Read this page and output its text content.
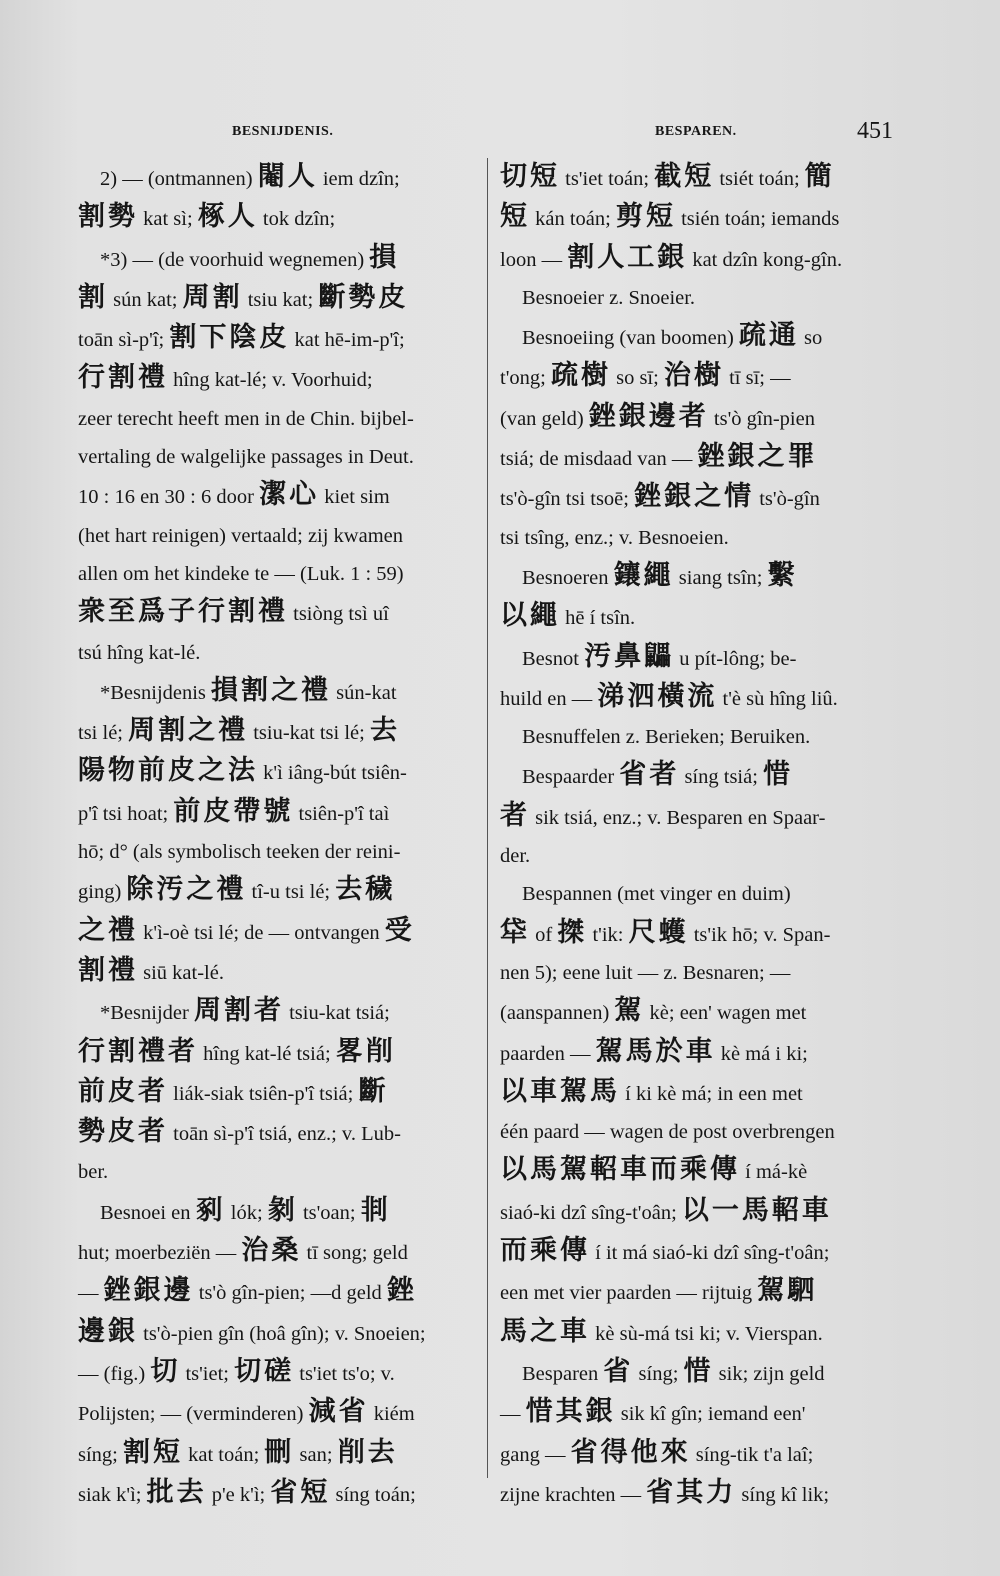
BESNIJDENIS.	BESPAREN.	451
2) — (ontmannen) 閹人 iem dzîn;
割勢 kat sì; 椓人 tok dzîn;
*3) — (de voorhuid wegnemen) 損
割 sún kat; 周割 tsiu kat; 斷勢皮
toān sì-p'î; 割下陰皮 kat hē-im-p'î;
行割禮 hîng kat-lé; v. Voorhuid;
zeer terecht heeft men in de Chin. bijbel-
vertaling de walgelijke passages in Deut.
10 : 16 en 30 : 6 door 潔心 kiet sim
(het hart reinigen) vertaald; zij kwamen
allen om het kindeke te — (Luk. 1 : 59)
衆至爲子行割禮 tsiòng tsì uî
tsú hîng kat-lé.
*Besnijdenis 損割之禮 sún-kat
tsi lé; 周割之禮 tsiu-kat tsi lé; 去
陽物前皮之法 k'ì iâng-bút tsiên-
p'î tsi hoat; 前皮帶號 tsiên-p'î taì
hō; d° (als symbolisch teeken der reini-
ging) 除汚之禮 tî-u tsi lé; 去穢
之禮 k'ì-oè tsi lé; de — ontvangen 受
割禮 siū kat-lé.
*Besnijder 周割者 tsiu-kat tsiá;
行割禮者 hîng kat-lé tsiá; 畧削
前皮者 liák-siak tsiên-p'î tsiá; 斷
勢皮者 toān sì-p'î tsiá, enz.; v. Lub-
ber.
Besnoei en 剢 lók; 剶 ts'oan; 剕
hut; moerbeziën — 治桑 tī song; geld
— 銼銀邊 ts'ò gîn-pien; —d geld 銼
邊銀 ts'ò-pien gîn (hoâ gîn); v. Snoeien;
— (fig.) 切 ts'iet; 切磋 ts'iet ts'o; v.
Polijsten; — (verminderen) 減省 kiém
síng; 割短 kat toán; 刪 san; 削去
siak k'ì; 批去 p'e k'ì; 省短 síng toán;
切短 ts'iet toán; 截短 tsiét toán; 簡
短 kán toán; 剪短 tsién toán; iemands
loon — 割人工銀 kat dzîn kong-gîn.
Besnoeier z. Snoeier.
Besnoeiing (van boomen) 疏通 so
t'ong; 疏樹 so sī; 治樹 tī sī; —
(van geld) 銼銀邊者 ts'ò gîn-pien
tsiá; de misdaad van — 銼銀之罪
ts'ò-gîn tsi tsoē; 銼銀之情 ts'ò-gîn
tsi tsîng, enz.; v. Besnoeien.
Besnoeren 鑲繩 siang tsîn; 繫
以繩 hē í tsîn.
Besnot 汚鼻鼺 u pít-lông; be-
huild en — 涕泗橫流 t'è sù hîng liû.
Besnuffelen z. Berieken; Beruiken.
Bespaarder 省者 síng tsiá; 惜
者 sik tsiá, enz.; v. Besparen en Spaar-
der.
Bespannen (met vinger en duim)
牮 of 搩 t'ik: 尺蠖 ts'ik hō; v. Span-
nen 5); eene luit — z. Besnaren; —
(aanspannen) 駕 kè; een' wagen met
paarden — 駕馬於車 kè má i ki;
以車駕馬 í ki kè má; in een met
één paard — wagen de post overbrengen
以馬駕軺車而乘傳 í má-kè
siaó-ki dzî sîng-t'oân; 以一馬軺車
而乘傳 í it má siaó-ki dzî sîng-t'oân;
een met vier paarden — rijtuig 駕駟
馬之車 kè sù-má tsi ki; v. Vierspan.
Besparen 省 síng; 惜 sik; zijn geld
— 惜其銀 sik kî gîn; iemand een'
gang — 省得他來 síng-tik t'a laî;
zijne krachten — 省其力 síng kî lik;
